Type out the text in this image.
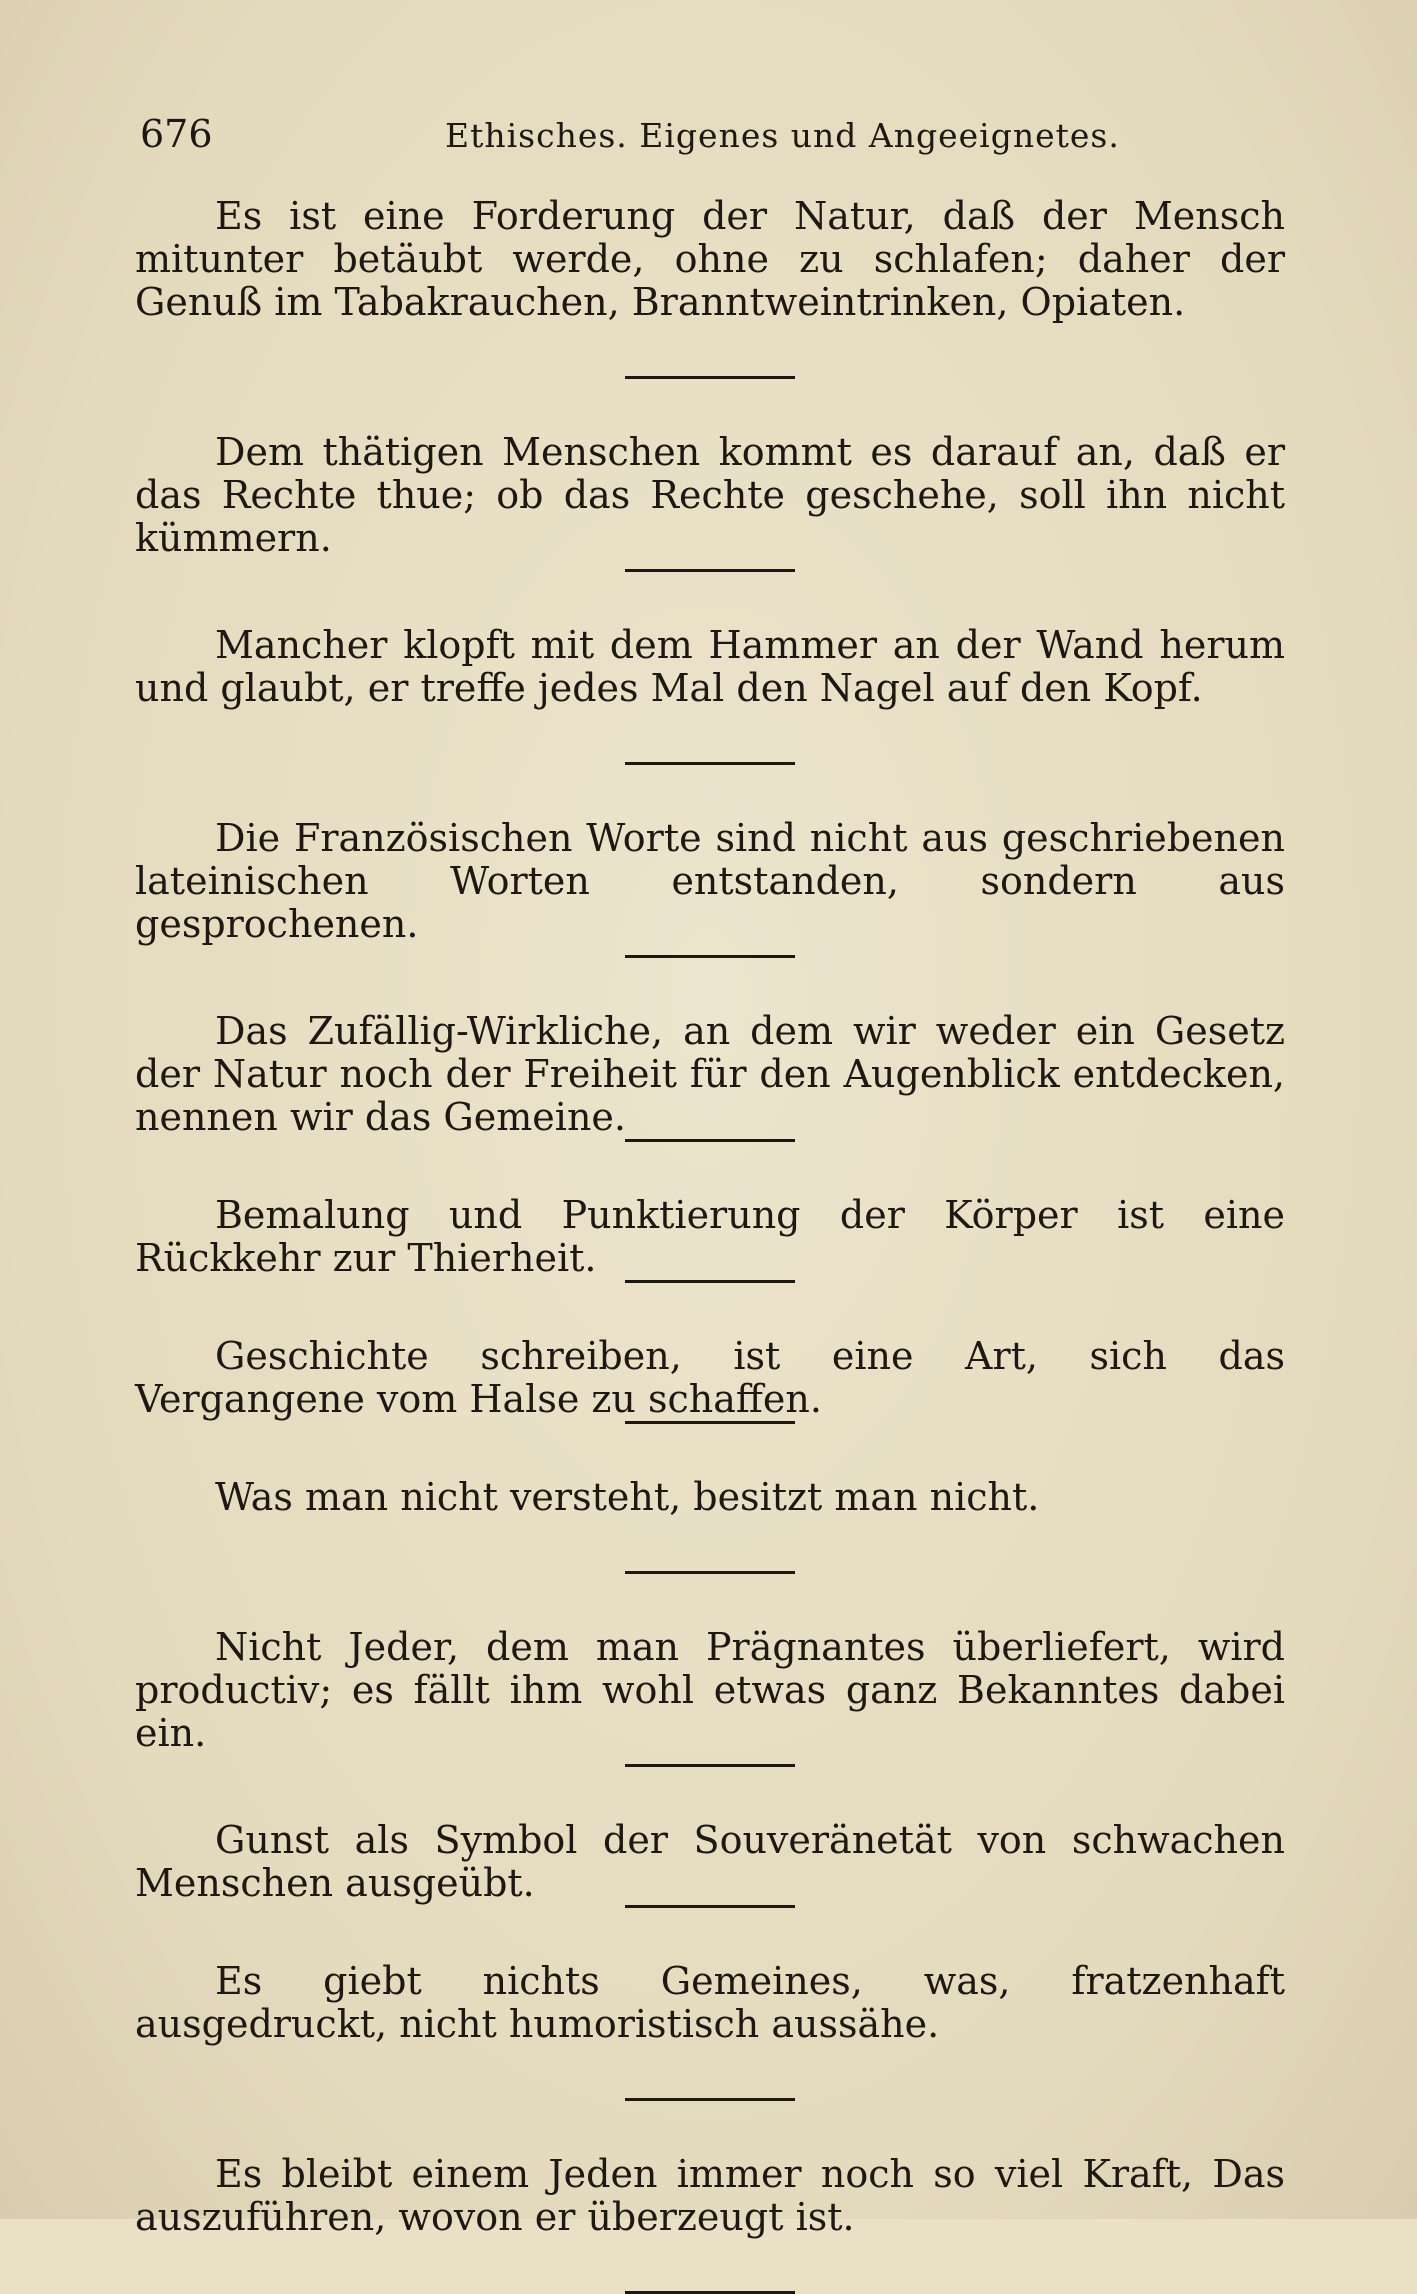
676	Ethisches. Eigenes und Angeeignetes.

Es ist eine Forderung der Natur, daß der Mensch mitunter betäubt werde, ohne zu schlafen; daher der Genuß im Tabakrauchen, Branntweintrinken, Opiaten.

Dem thätigen Menschen kommt es darauf an, daß er das Rechte thue; ob das Rechte geschehe, soll ihn nicht kümmern.

Mancher klopft mit dem Hammer an der Wand herum und glaubt, er treffe jedes Mal den Nagel auf den Kopf.

Die Französischen Worte sind nicht aus geschriebenen lateinischen Worten entstanden, sondern aus gesprochenen.

Das Zufällig-Wirkliche, an dem wir weder ein Gesetz der Natur noch der Freiheit für den Augenblick entdecken, nennen wir das Gemeine.

Bemalung und Punktierung der Körper ist eine Rückkehr zur Thierheit.

Geschichte schreiben, ist eine Art, sich das Vergangene vom Halse zu schaffen.

Was man nicht versteht, besitzt man nicht.

Nicht Jeder, dem man Prägnantes überliefert, wird productiv; es fällt ihm wohl etwas ganz Bekanntes dabei ein.

Gunst als Symbol der Souveränetät von schwachen Menschen ausgeübt.

Es giebt nichts Gemeines, was, fratzenhaft ausgedruckt, nicht humoristisch aussähe.

Es bleibt einem Jeden immer noch so viel Kraft, Das auszuführen, wovon er überzeugt ist.
